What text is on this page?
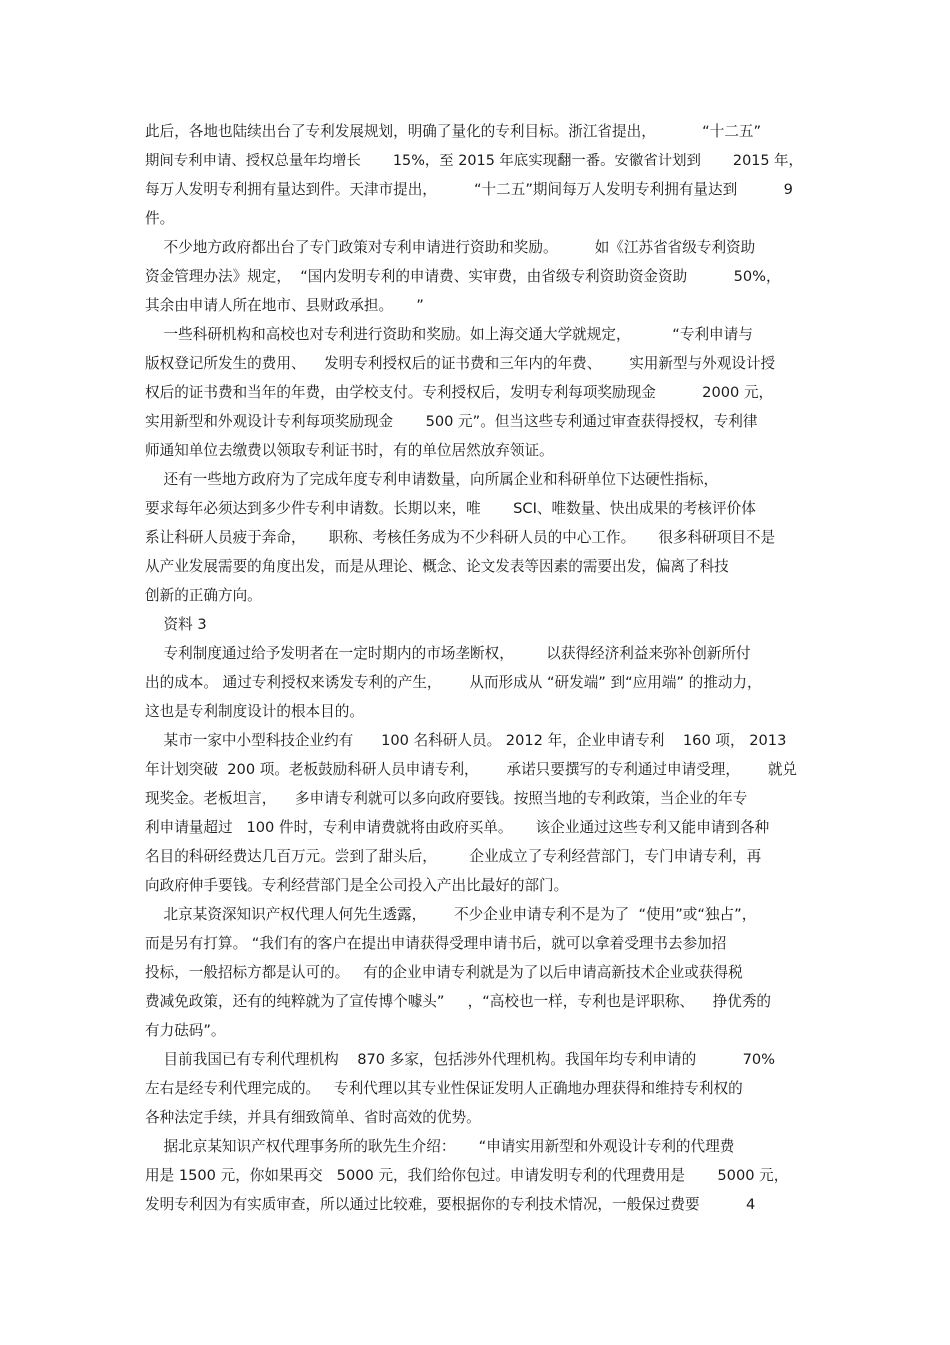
此后，各地也陆续出台了专利发展规划，明确了量化的专利目标。浙江省提出，          “十二五”
期间专利申请、授权总量年均增长       15%，至 2015 年底实现翻一番。安徽省计划到       2015 年，
每万人发明专利拥有量达到件。天津市提出，        “十二五”期间每万人发明专利拥有量达到          9
件。
不少地方政府都出台了专门政策对专利申请进行资助和奖励。        如《江苏省省级专利资助
资金管理办法》规定，  “国内发明专利的申请费、实审费，由省级专利资助资金资助          50%，
其余由申请人所在地市、县财政承担。     ”
一些科研机构和高校也对专利进行资助和奖励。如上海交通大学就规定，         “专利申请与
版权登记所发生的费用、    发明专利授权后的证书费和三年内的年费、      实用新型与外观设计授
权后的证书费和当年的年费，由学校支付。专利授权后，发明专利每项奖励现金          2000 元，
实用新型和外观设计专利每项奖励现金       500 元”。但当这些专利通过审查获得授权，专利律
师通知单位去缴费以领取专利证书时，有的单位居然放弃领证。
还有一些地方政府为了完成年度专利申请数量，向所属企业和科研单位下达硬性指标，
要求每年必须达到多少件专利申请数。长期以来，唯       SCI、唯数量、快出成果的考核评价体
系让科研人员疲于奔命，     职称、考核任务成为不少科研人员的中心工作。     很多科研项目不是
从产业发展需要的角度出发，而是从理论、概念、论文发表等因素的需要出发，偏离了科技
创新的正确方向。
资料 3
专利制度通过给予发明者在一定时期内的市场垄断权，       以获得经济利益来弥补创新所付
出的成本。 通过专利授权来诱发专利的产生，      从而形成从 “研发端” 到“应用端” 的推动力，
这也是专利制度设计的根本目的。
某市一家中小型科技企业约有      100 名科研人员。 2012 年，企业申请专利    160 项， 2013
年计划突破  200 项。老板鼓励科研人员申请专利，      承诺只要撰写的专利通过申请受理，      就兑
现奖金。老板坦言，    多申请专利就可以多向政府要钱。按照当地的专利政策，当企业的年专
利申请量超过   100 件时，专利申请费就将由政府买单。     该企业通过这些专利又能申请到各种
名目的科研经费达几百万元。尝到了甜头后，       企业成立了专利经营部门，专门申请专利，再
向政府伸手要钱。专利经营部门是全公司投入产出比最好的部门。
北京某资深知识产权代理人何先生透露，      不少企业申请专利不是为了  “使用”或“独占”，
而是另有打算。 “我们有的客户在提出申请获得受理申请书后，就可以拿着受理书去参加招
投标，一般招标方都是认可的。   有的企业申请专利就是为了以后申请高新技术企业或获得税
费减免政策，还有的纯粹就为了宣传博个噱头”     ，“高校也一样，专利也是评职称、    挣优秀的
有力砝码”。
目前我国已有专利代理机构    870 多家，包括涉外代理机构。我国年均专利申请的          70%
左右是经专利代理完成的。   专利代理以其专业性保证发明人正确地办理获得和维持专利权的
各种法定手续，并具有细致简单、省时高效的优势。
据北京某知识产权代理事务所的耿先生介绍：     “申请实用新型和外观设计专利的代理费
用是 1500 元，你如果再交   5000 元，我们给你包过。申请发明专利的代理费用是       5000 元，
发明专利因为有实质审查，所以通过比较难，要根据你的专利技术情况，一般保过费要          4
